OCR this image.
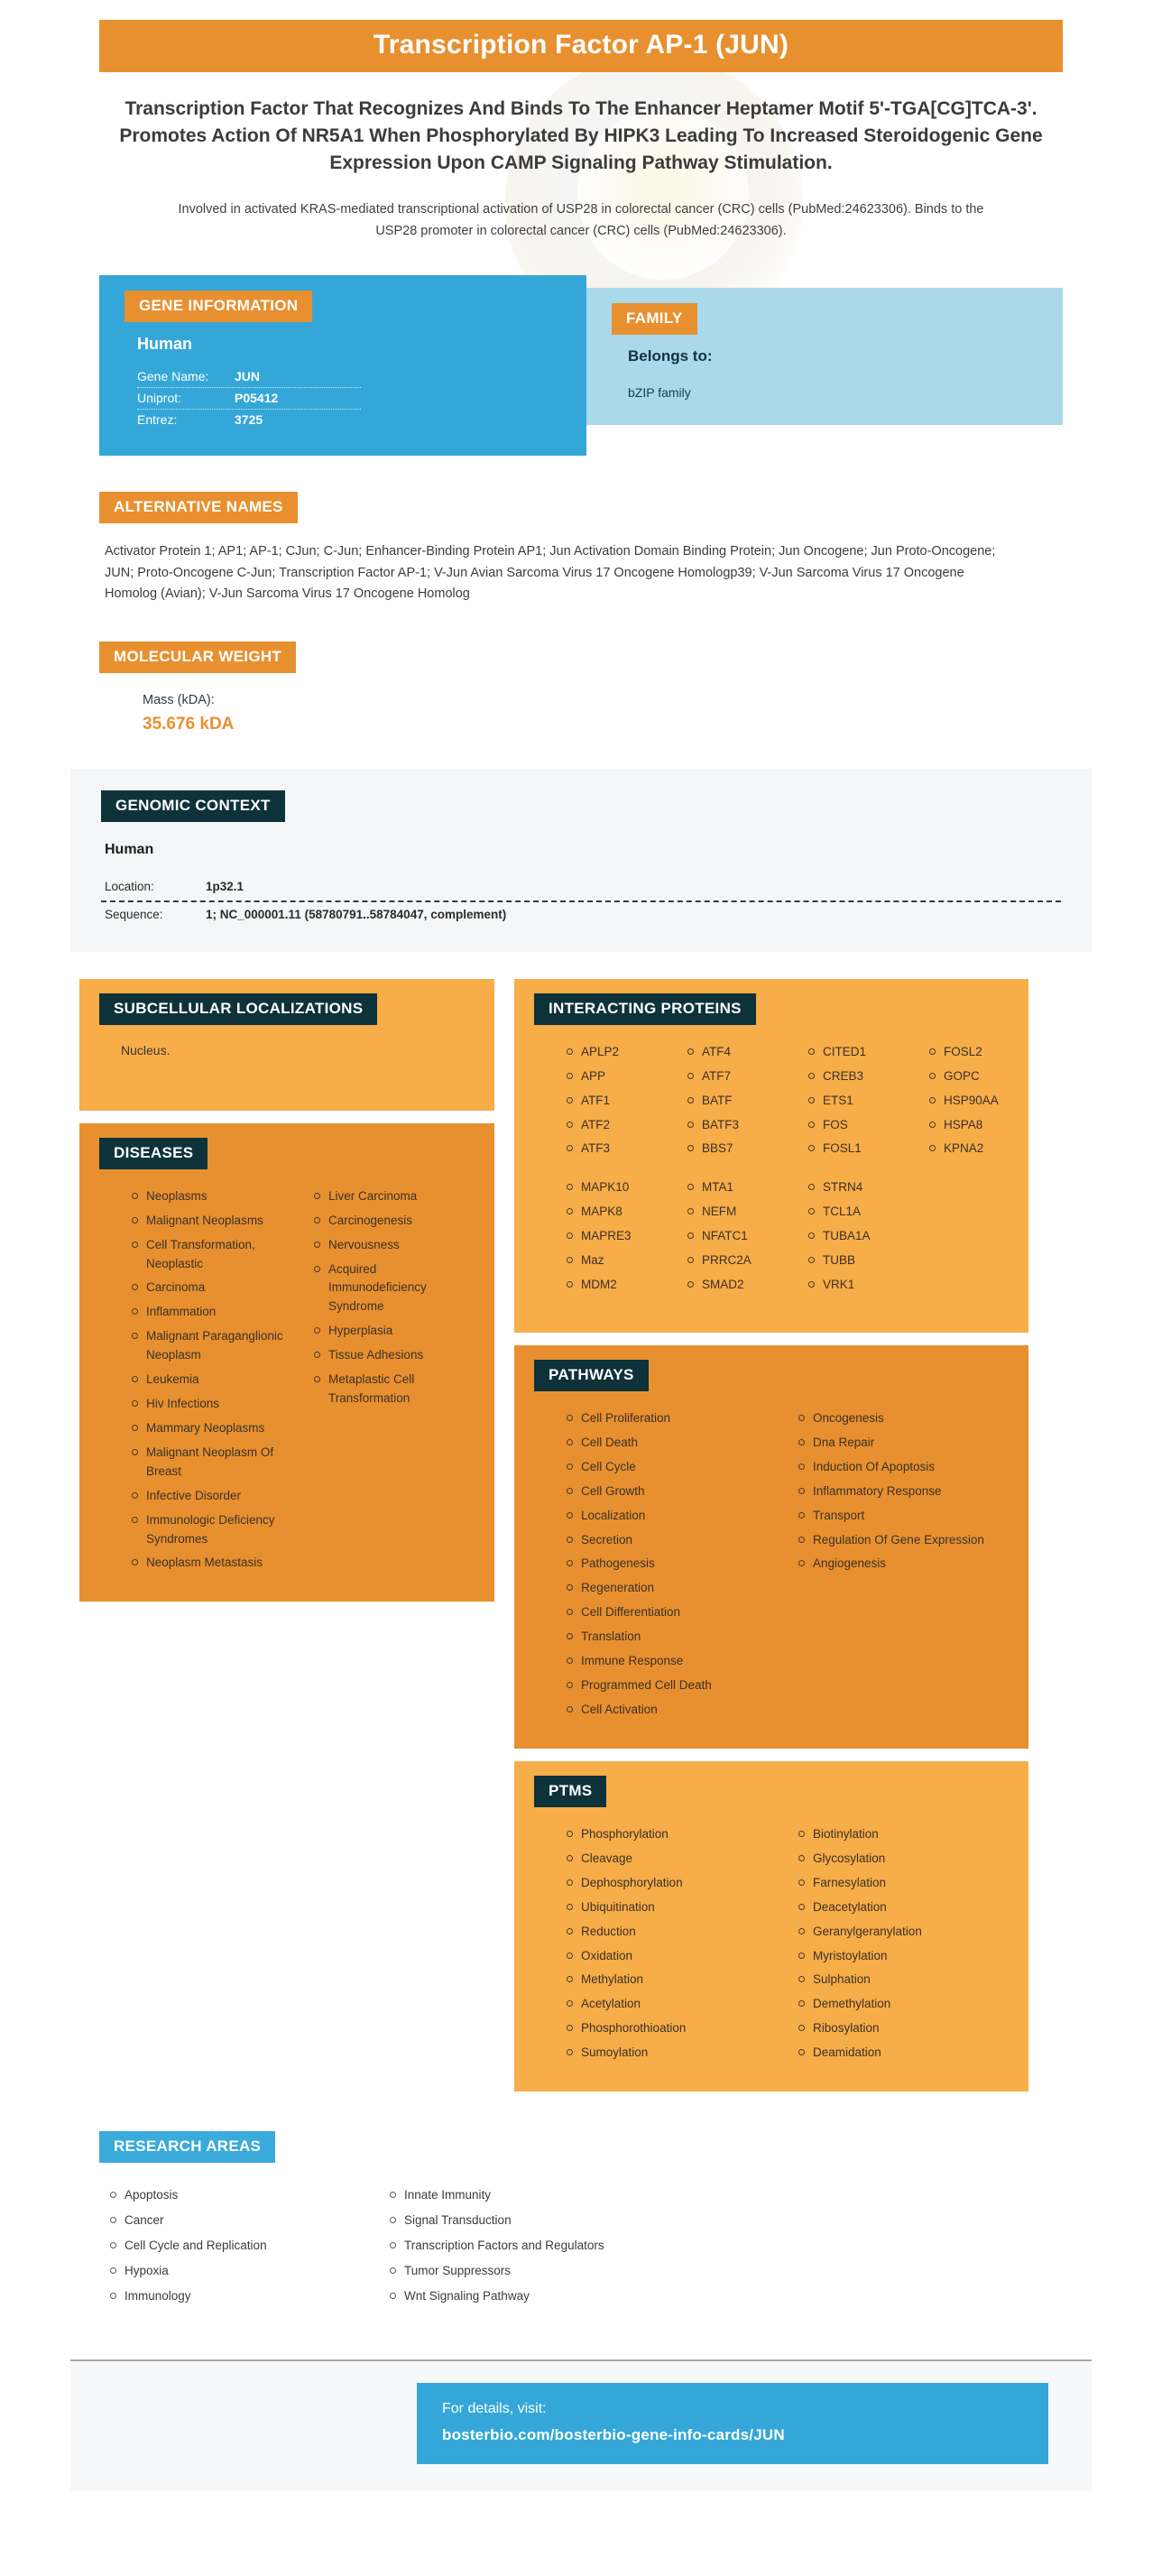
Transcription Factor AP-1 (JUN)
Transcription Factor That Recognizes And Binds To The Enhancer Heptamer Motif 5'-TGA[CG]TCA-3'. Promotes Action Of NR5A1 When Phosphorylated By HIPK3 Leading To Increased Steroidogenic Gene Expression Upon CAMP Signaling Pathway Stimulation.
Involved in activated KRAS-mediated transcriptional activation of USP28 in colorectal cancer (CRC) cells (PubMed:24623306). Binds to the USP28 promoter in colorectal cancer (CRC) cells (PubMed:24623306).
GENE INFORMATION
Human
Gene Name:	JUN
Uniprot:	P05412
Entrez:	3725
FAMILY
Belongs to:
bZIP family
ALTERNATIVE NAMES
Activator Protein 1; AP1; AP-1; CJun; C-Jun; Enhancer-Binding Protein AP1; Jun Activation Domain Binding Protein; Jun Oncogene; Jun Proto-Oncogene; JUN; Proto-Oncogene C-Jun; Transcription Factor AP-1; V-Jun Avian Sarcoma Virus 17 Oncogene Homologp39; V-Jun Sarcoma Virus 17 Oncogene Homolog (Avian); V-Jun Sarcoma Virus 17 Oncogene Homolog
MOLECULAR WEIGHT
Mass (kDA):
35.676 kDA
GENOMIC CONTEXT
Human
Location:	1p32.1
Sequence:	1; NC_000001.11 (58780791..58784047, complement)
SUBCELLULAR LOCALIZATIONS
Nucleus.
DISEASES
Neoplasms
Malignant Neoplasms
Cell Transformation, Neoplastic
Carcinoma
Inflammation
Malignant Paraganglionic Neoplasm
Leukemia
Hiv Infections
Mammary Neoplasms
Malignant Neoplasm Of Breast
Infective Disorder
Immunologic Deficiency Syndromes
Neoplasm Metastasis
Liver Carcinoma
Carcinogenesis
Nervousness
Acquired Immunodeficiency Syndrome
Hyperplasia
Tissue Adhesions
Metaplastic Cell Transformation
INTERACTING PROTEINS
APLP2
APP
ATF1
ATF2
ATF3
ATF4
ATF7
BATF
BATF3
BBS7
CITED1
CREB3
ETS1
FOS
FOSL1
FOSL2
GOPC
HSP90AA
HSPA8
KPNA2
MAPK10
MAPK8
MAPRE3
Maz
MDM2
MTA1
NEFM
NFATC1
PRRC2A
SMAD2
STRN4
TCL1A
TUBA1A
TUBB
VRK1
PATHWAYS
Cell Proliferation
Cell Death
Cell Cycle
Cell Growth
Localization
Secretion
Pathogenesis
Regeneration
Cell Differentiation
Translation
Immune Response
Programmed Cell Death
Cell Activation
Oncogenesis
Dna Repair
Induction Of Apoptosis
Inflammatory Response
Transport
Regulation Of Gene Expression
Angiogenesis
PTMS
Phosphorylation
Cleavage
Dephosphorylation
Ubiquitination
Reduction
Oxidation
Methylation
Acetylation
Phosphorothioation
Sumoylation
Biotinylation
Glycosylation
Farnesylation
Deacetylation
Geranylgeranylation
Myristoylation
Sulphation
Demethylation
Ribosylation
Deamidation
RESEARCH AREAS
Apoptosis
Cancer
Cell Cycle and Replication
Hypoxia
Immunology
Innate Immunity
Signal Transduction
Transcription Factors and Regulators
Tumor Suppressors
Wnt Signaling Pathway
For details, visit:
bosterbio.com/bosterbio-gene-info-cards/JUN
